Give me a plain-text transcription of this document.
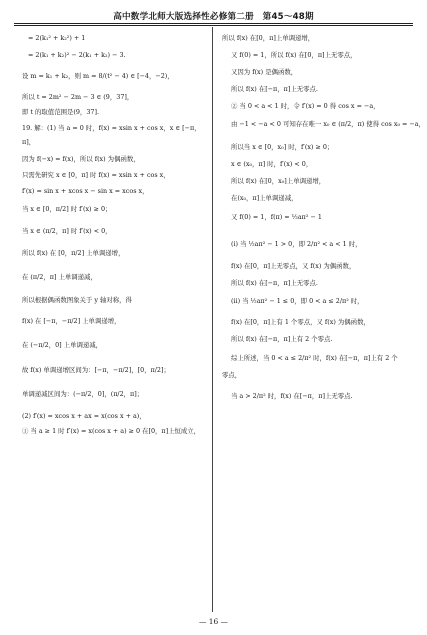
高中数学北师大版选择性必修第二册　第45～48期
= 2(k₁² + k₂²) + 1
= 2(k₁ + k₂)² − 2(k₁ + k₂) − 3.
设 m = k₁ + k₂，则 m = 8/(t² − 4) ∈ [−4，−2)，
所以 t = 2m² − 2m − 3 ∈ (9，37]，
即 t 的取值范围是(9，37].
19. 解：(1) 当 a = 0 时，f(x) = xsin x + cos x，x ∈ [−π，
π]，
因为 f(−x) = f(x)，所以 f(x) 为偶函数，
只需先研究 x ∈ [0，π] 时 f(x) = xsin x + cos x，
f′(x) = sin x + xcos x − sin x = xcos x，
当 x ∈ [0，π/2] 时 f′(x) ≥ 0；
当 x ∈ (π/2，π] 时 f′(x) < 0，
所以 f(x) 在 [0，π/2] 上单调递增，
在 (π/2，π] 上单调递减，
所以根据偶函数图象关于 y 轴对称，得
f(x) 在 [−π，−π/2] 上单调递增，
在 (−π/2，0] 上单调递减，
故 f(x) 单调递增区间为：[−π，−π/2]，[0，π/2]；
单调递减区间为：(−π/2，0]，(π/2，π]；
(2) f′(x) = xcos x + ax = x(cos x + a)，
① 当 a ≥ 1 时 f′(x) = x(cos x + a) ≥ 0 在[0，π]上恒成立，
所以 f(x) 在[0，π]上单调递增，
又 f(0) = 1，所以 f(x) 在[0，π]上无零点，
又因为 f(x) 是偶函数，
所以 f(x) 在[−π，π]上无零点.
② 当 0 < a < 1 时，令 f′(x) = 0 得 cos x = −a，
由 −1 < −a < 0 可知存在唯一 x₀ ∈ (π/2，π) 使得 cos x₀ = −a，
所以当 x ∈ [0，x₀] 时，f′(x) ≥ 0；
x ∈ (x₀，π] 时，f′(x) < 0，
所以 f(x) 在[0，x₀]上单调递增，
在(x₀，π]上单调递减，
又 f(0) = 1，f(π) = ½aπ² − 1
(ⅰ) 当 ½aπ² − 1 > 0，即 2/π² < a < 1 时，
f(x) 在[0，π]上无零点，又 f(x) 为偶函数，
所以 f(x) 在[−π，π]上无零点.
(ⅱ) 当 ½aπ² − 1 ≤ 0，即 0 < a ≤ 2/π² 时，
f(x) 在[0，π]上有 1 个零点，又 f(x) 为偶函数，
所以 f(x) 在[−π，π]上有 2 个零点.
综上所述，当 0 < a ≤ 2/π² 时，f(x) 在[−π，π]上有 2 个
零点，
当 a > 2/π² 时，f(x) 在[−π，π]上无零点.
— 16 —
